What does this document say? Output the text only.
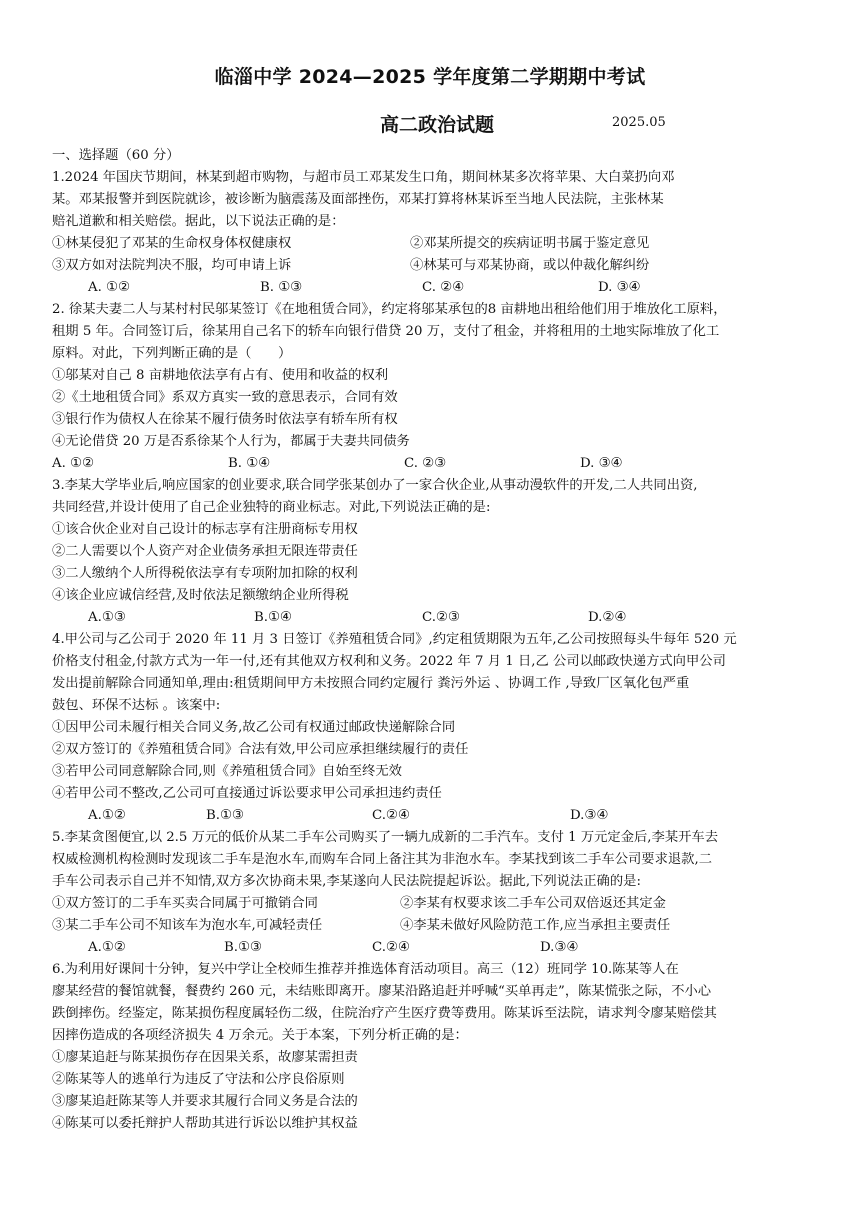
临淄中学 2024—2025 学年度第二学期期中考试
高二政治试题	2025.05
一、选择题（60 分）
1.2024 年国庆节期间，林某到超市购物，与超市员工邓某发生口角，期间林某多次将苹果、大白菜扔向邓
某。邓某报警并到医院就诊，被诊断为脑震荡及面部挫伤，邓某打算将林某诉至当地人民法院，主张林某
赔礼道歉和相关赔偿。据此，以下说法正确的是：
①林某侵犯了邓某的生命权身体权健康权	②邓某所提交的疾病证明书属于鉴定意见
③双方如对法院判决不服，均可申请上诉	④林某可与邓某协商，或以仲裁化解纠纷
A. ①②	B. ①③	C. ②④	D. ③④
2. 徐某夫妻二人与某村村民邬某签订《在地租赁合同》，约定将邬某承包的8 亩耕地出租给他们用于堆放化工原料，
租期 5 年。合同签订后，徐某用自己名下的轿车向银行借贷 20 万，支付了租金，并将租用的土地实际堆放了化工
原料。对此，下列判断正确的是（　　）
①邬某对自己 8 亩耕地依法享有占有、使用和收益的权利
②《土地租赁合同》系双方真实一致的意思表示，合同有效
③银行作为债权人在徐某不履行债务时依法享有轿车所有权
④无论借贷 20 万是否系徐某个人行为，都属于夫妻共同债务
A. ①②	B. ①④	C. ②③	D. ③④
3.李某大学毕业后,响应国家的创业要求,联合同学张某创办了一家合伙企业,从事动漫软件的开发,二人共同出资,
共同经营,并设计使用了自己企业独特的商业标志。对此,下列说法正确的是:
①该合伙企业对自己设计的标志享有注册商标专用权
②二人需要以个人资产对企业债务承担无限连带责任
③二人缴纳个人所得税依法享有专项附加扣除的权利
④该企业应诚信经营,及时依法足额缴纳企业所得税
A.①③	B.①④	C.②③	D.②④
4.甲公司与乙公司于 2020 年 11 月 3 日签订《养殖租赁合同》,约定租赁期限为五年,乙公司按照每头牛每年 520 元
价格支付租金,付款方式为一年一付,还有其他双方权利和义务。2022 年 7 月 1 日,乙 公司以邮政快递方式向甲公司
发出提前解除合同通知单,理由:租赁期间甲方未按照合同约定履行 粪污外运 、协调工作 ,导致厂区氧化包严重
鼓包、环保不达标 。该案中:
①因甲公司未履行相关合同义务,故乙公司有权通过邮政快递解除合同
②双方签订的《养殖租赁合同》合法有效,甲公司应承担继续履行的责任
③若甲公司同意解除合同,则《养殖租赁合同》自始至终无效
④若甲公司不整改,乙公司可直接通过诉讼要求甲公司承担违约责任
A.①②	B.①③	C.②④	D.③④
5.李某贪图便宜,以 2.5 万元的低价从某二手车公司购买了一辆九成新的二手汽车。支付 1 万元定金后,李某开车去
权威检测机构检测时发现该二手车是泡水车,而购车合同上备注其为非泡水车。李某找到该二手车公司要求退款,二
手车公司表示自己并不知情,双方多次协商未果,李某遂向人民法院提起诉讼。据此,下列说法正确的是:
①双方签订的二手车买卖合同属于可撤销合同	②李某有权要求该二手车公司双倍返还其定金
③某二手车公司不知该车为泡水车,可减轻责任	④李某未做好风险防范工作,应当承担主要责任
A.①②	B.①③	C.②④	D.③④
6.为利用好课间十分钟，复兴中学让全校师生推荐并推选体育活动项目。高三（12）班同学 10.陈某等人在
廖某经营的餐馆就餐，餐费约 260 元，未结账即离开。廖某沿路追赶并呼喊“买单再走”，陈某慌张之际，不小心
跌倒摔伤。经鉴定，陈某损伤程度属轻伤二级，住院治疗产生医疗费等费用。陈某诉至法院，请求判令廖某赔偿其
因摔伤造成的各项经济损失 4 万余元。关于本案，下列分析正确的是：
①廖某追赶与陈某损伤存在因果关系，故廖某需担责
②陈某等人的逃单行为违反了守法和公序良俗原则
③廖某追赶陈某等人并要求其履行合同义务是合法的
④陈某可以委托辩护人帮助其进行诉讼以维护其权益
